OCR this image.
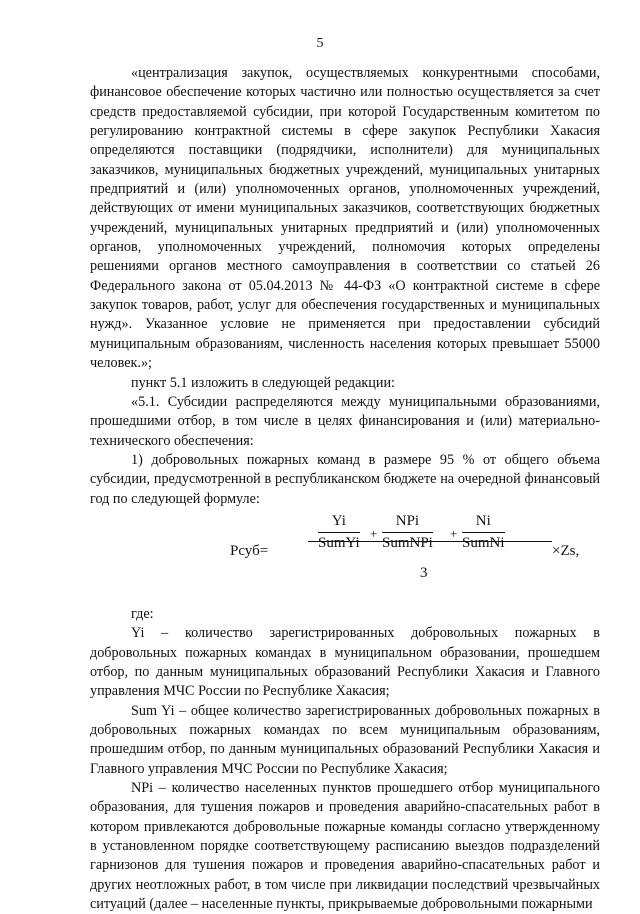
5

«централизация закупок, осуществляемых конкурентными способами, финансовое обеспечение которых частично или полностью осуществляется за счет средств предоставляемой субсидии, при которой Государственным комитетом по регулированию контрактной системы в сфере закупок Республики Хакасия определяются поставщики (подрядчики, исполнители) для муниципальных заказчиков, муниципальных бюджетных учреждений, муниципальных унитарных предприятий и (или) уполномоченных органов, уполномоченных учреждений, действующих от имени муниципальных заказчиков, соответствующих бюджетных учреждений, муниципальных унитарных предприятий и (или) уполномоченных органов, уполномоченных учреждений, полномочия которых определены решениями органов местного самоуправления в соответствии со статьей 26 Федерального закона от 05.04.2013 № 44-ФЗ «О контрактной системе в сфере закупок товаров, работ, услуг для обеспечения государственных и муниципальных нужд». Указанное условие не применяется при предоставлении субсидий муниципальным образованиям, численность населения которых превышает 55000 человек.»;

пункт 5.1 изложить в следующей редакции:

«5.1. Субсидии распределяются между муниципальными образованиями, прошедшими отбор, в том числе в целях финансирования и (или) материально-технического обеспечения:

1) добровольных пожарных команд в размере 95 % от общего объема субсидии, предусмотренной в республиканском бюджете на очередной финансовый год по следующей формуле:

Рсуб=
Yi
SumYi
+
NPi
SumNPi
+
Ni
SumNi
3
×Zs,

где:

Yi – количество зарегистрированных добровольных пожарных в добровольных пожарных командах в муниципальном образовании, прошедшем отбор, по данным муниципальных образований Республики Хакасия и Главного управления МЧС России по Республике Хакасия;

Sum Yi – общее количество зарегистрированных добровольных пожарных в добровольных пожарных командах по всем муниципальным образованиям, прошедшим отбор, по данным муниципальных образований Республики Хакасия и Главного управления МЧС России по Республике Хакасия;

NPi – количество населенных пунктов прошедшего отбор муниципального образования, для тушения пожаров и проведения аварийно-спасательных работ в котором привлекаются добровольные пожарные команды согласно утвержденному в установленном порядке соответствующему расписанию выездов подразделений гарнизонов для тушения пожаров и проведения аварийно-спасательных работ и других неотложных работ, в том числе при ликвидации последствий чрезвычайных ситуаций (далее – населенные пункты, прикрываемые добровольными пожарными
